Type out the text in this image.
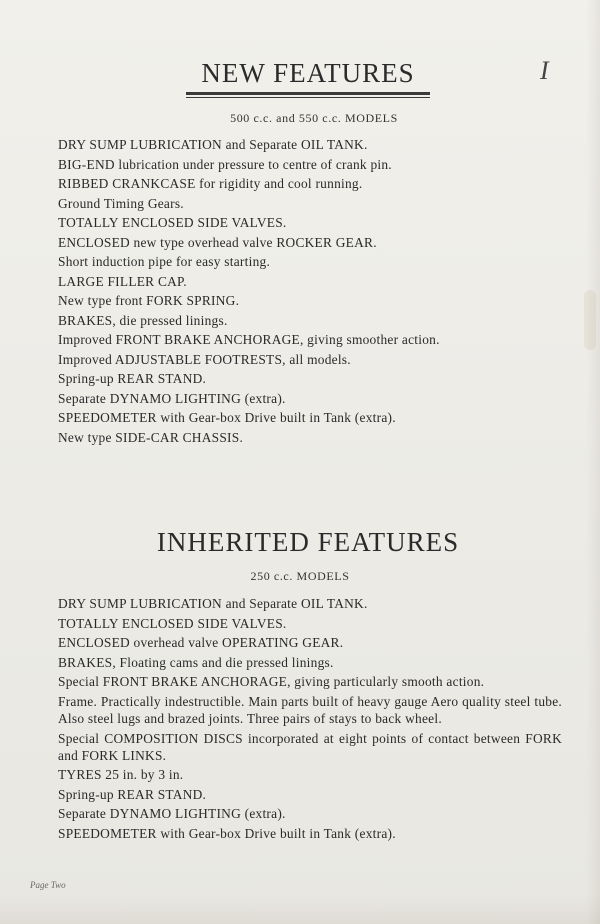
I
NEW FEATURES
500 c.c. and 550 c.c. MODELS
DRY SUMP LUBRICATION and Separate OIL TANK.
BIG-END lubrication under pressure to centre of crank pin.
RIBBED CRANKCASE for rigidity and cool running.
Ground Timing Gears.
TOTALLY ENCLOSED SIDE VALVES.
ENCLOSED new type overhead valve ROCKER GEAR.
Short induction pipe for easy starting.
LARGE FILLER CAP.
New type front FORK SPRING.
BRAKES, die pressed linings.
Improved FRONT BRAKE ANCHORAGE, giving smoother action.
Improved ADJUSTABLE FOOTRESTS, all models.
Spring-up REAR STAND.
Separate DYNAMO LIGHTING (extra).
SPEEDOMETER with Gear-box Drive built in Tank (extra).
New type SIDE-CAR CHASSIS.
INHERITED FEATURES
250 c.c. MODELS
DRY SUMP LUBRICATION and Separate OIL TANK.
TOTALLY ENCLOSED SIDE VALVES.
ENCLOSED overhead valve OPERATING GEAR.
BRAKES, Floating cams and die pressed linings.
Special FRONT BRAKE ANCHORAGE, giving particularly smooth action.
Frame. Practically indestructible. Main parts built of heavy gauge Aero quality steel tube. Also steel lugs and brazed joints. Three pairs of stays to back wheel.
Special COMPOSITION DISCS incorporated at eight points of contact between FORK and FORK LINKS.
TYRES 25 in. by 3 in.
Spring-up REAR STAND.
Separate DYNAMO LIGHTING (extra).
SPEEDOMETER with Gear-box Drive built in Tank (extra).
Page Two
